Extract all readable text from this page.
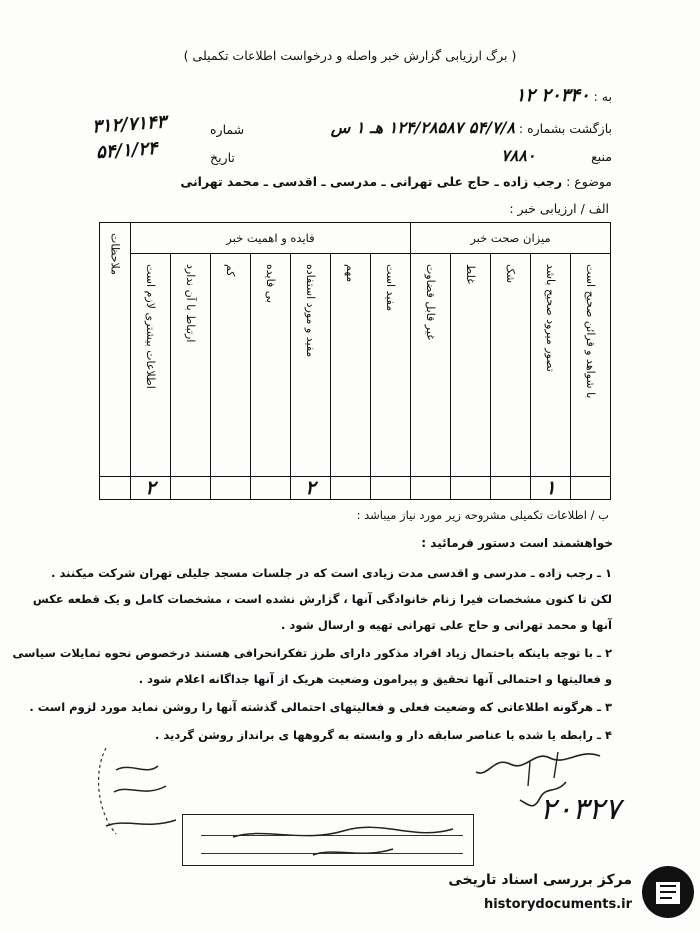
( برگ ارزیابی گزارش خبر واصله و درخواست اطلاعات تکمیلی )
به : ۲۰۳۴۰ ۱۲
بازگشت بشماره : ۵۴/۷/۸ ۱۲۴/۲۸۵۸۷ هـ ۱ س
منبع              ۷۸۸۰
شماره
۳۱۲/۷۱۴۳
تاریخ
۵۴/۱/۲۴
موضوع : رجب زاده ـ حاج علی تهرانی ـ مدرسی ـ اقدسی ـ محمد تهرانی
الف / ارزیابی خبر :
میزان صحت خبر					فایده و اهمیت خبر							ملاحظات

با شواهد و قرائن صحیح است	تصور میرود صحیح باشد	شک	غلط	غیر قابل قضاوت	مفید است	مهم	مفید و مورد استفاده	بی فایده	کم	ارتباط با آن ندارد	اطلاعات بیشتری لازم است	

	۱						۲				۲	
ب / اطلاعات تکمیلی مشروحه زیر مورد نیاز میباشد :
خواهشمند است دستور فرمائید :
۱ ـ رجب زاده ـ مدرسی و اقدسی مدت زیادی است که در جلسات مسجد جلیلی تهران شرکت میکنند .
لکن تا کنون مشخصات فیرا زنام خانوادگی آنها ، گزارش نشده است ، مشخصات کامل و یک قطعه عکس
آنها و محمد تهرانی و حاج علی تهرانی تهیه و ارسال شود .
۲ ـ با توجه باینکه باحتمال زیاد افراد مذکور دارای طرز تفکرانحرافی هستند درخصوص نحوه تمایلات سیاسی
و فعالیتها و احتمالی آنها تحقیق و پیرامون وضعیت هریک از آنها جداگانه اعلام شود .
۳ ـ هرگونه اطلاعاتی که وضعیت فعلی و فعالیتهای احتمالی گذشته آنها را روشن نماید مورد لزوم است .
۴ ـ رابطه یا شده با عناصر سابقه دار و وابسته به گروهها ی برانداز روشن گردید .
۲۰۳۲۷
مرکز بررسی اسناد تاریخی
historydocuments.ir
